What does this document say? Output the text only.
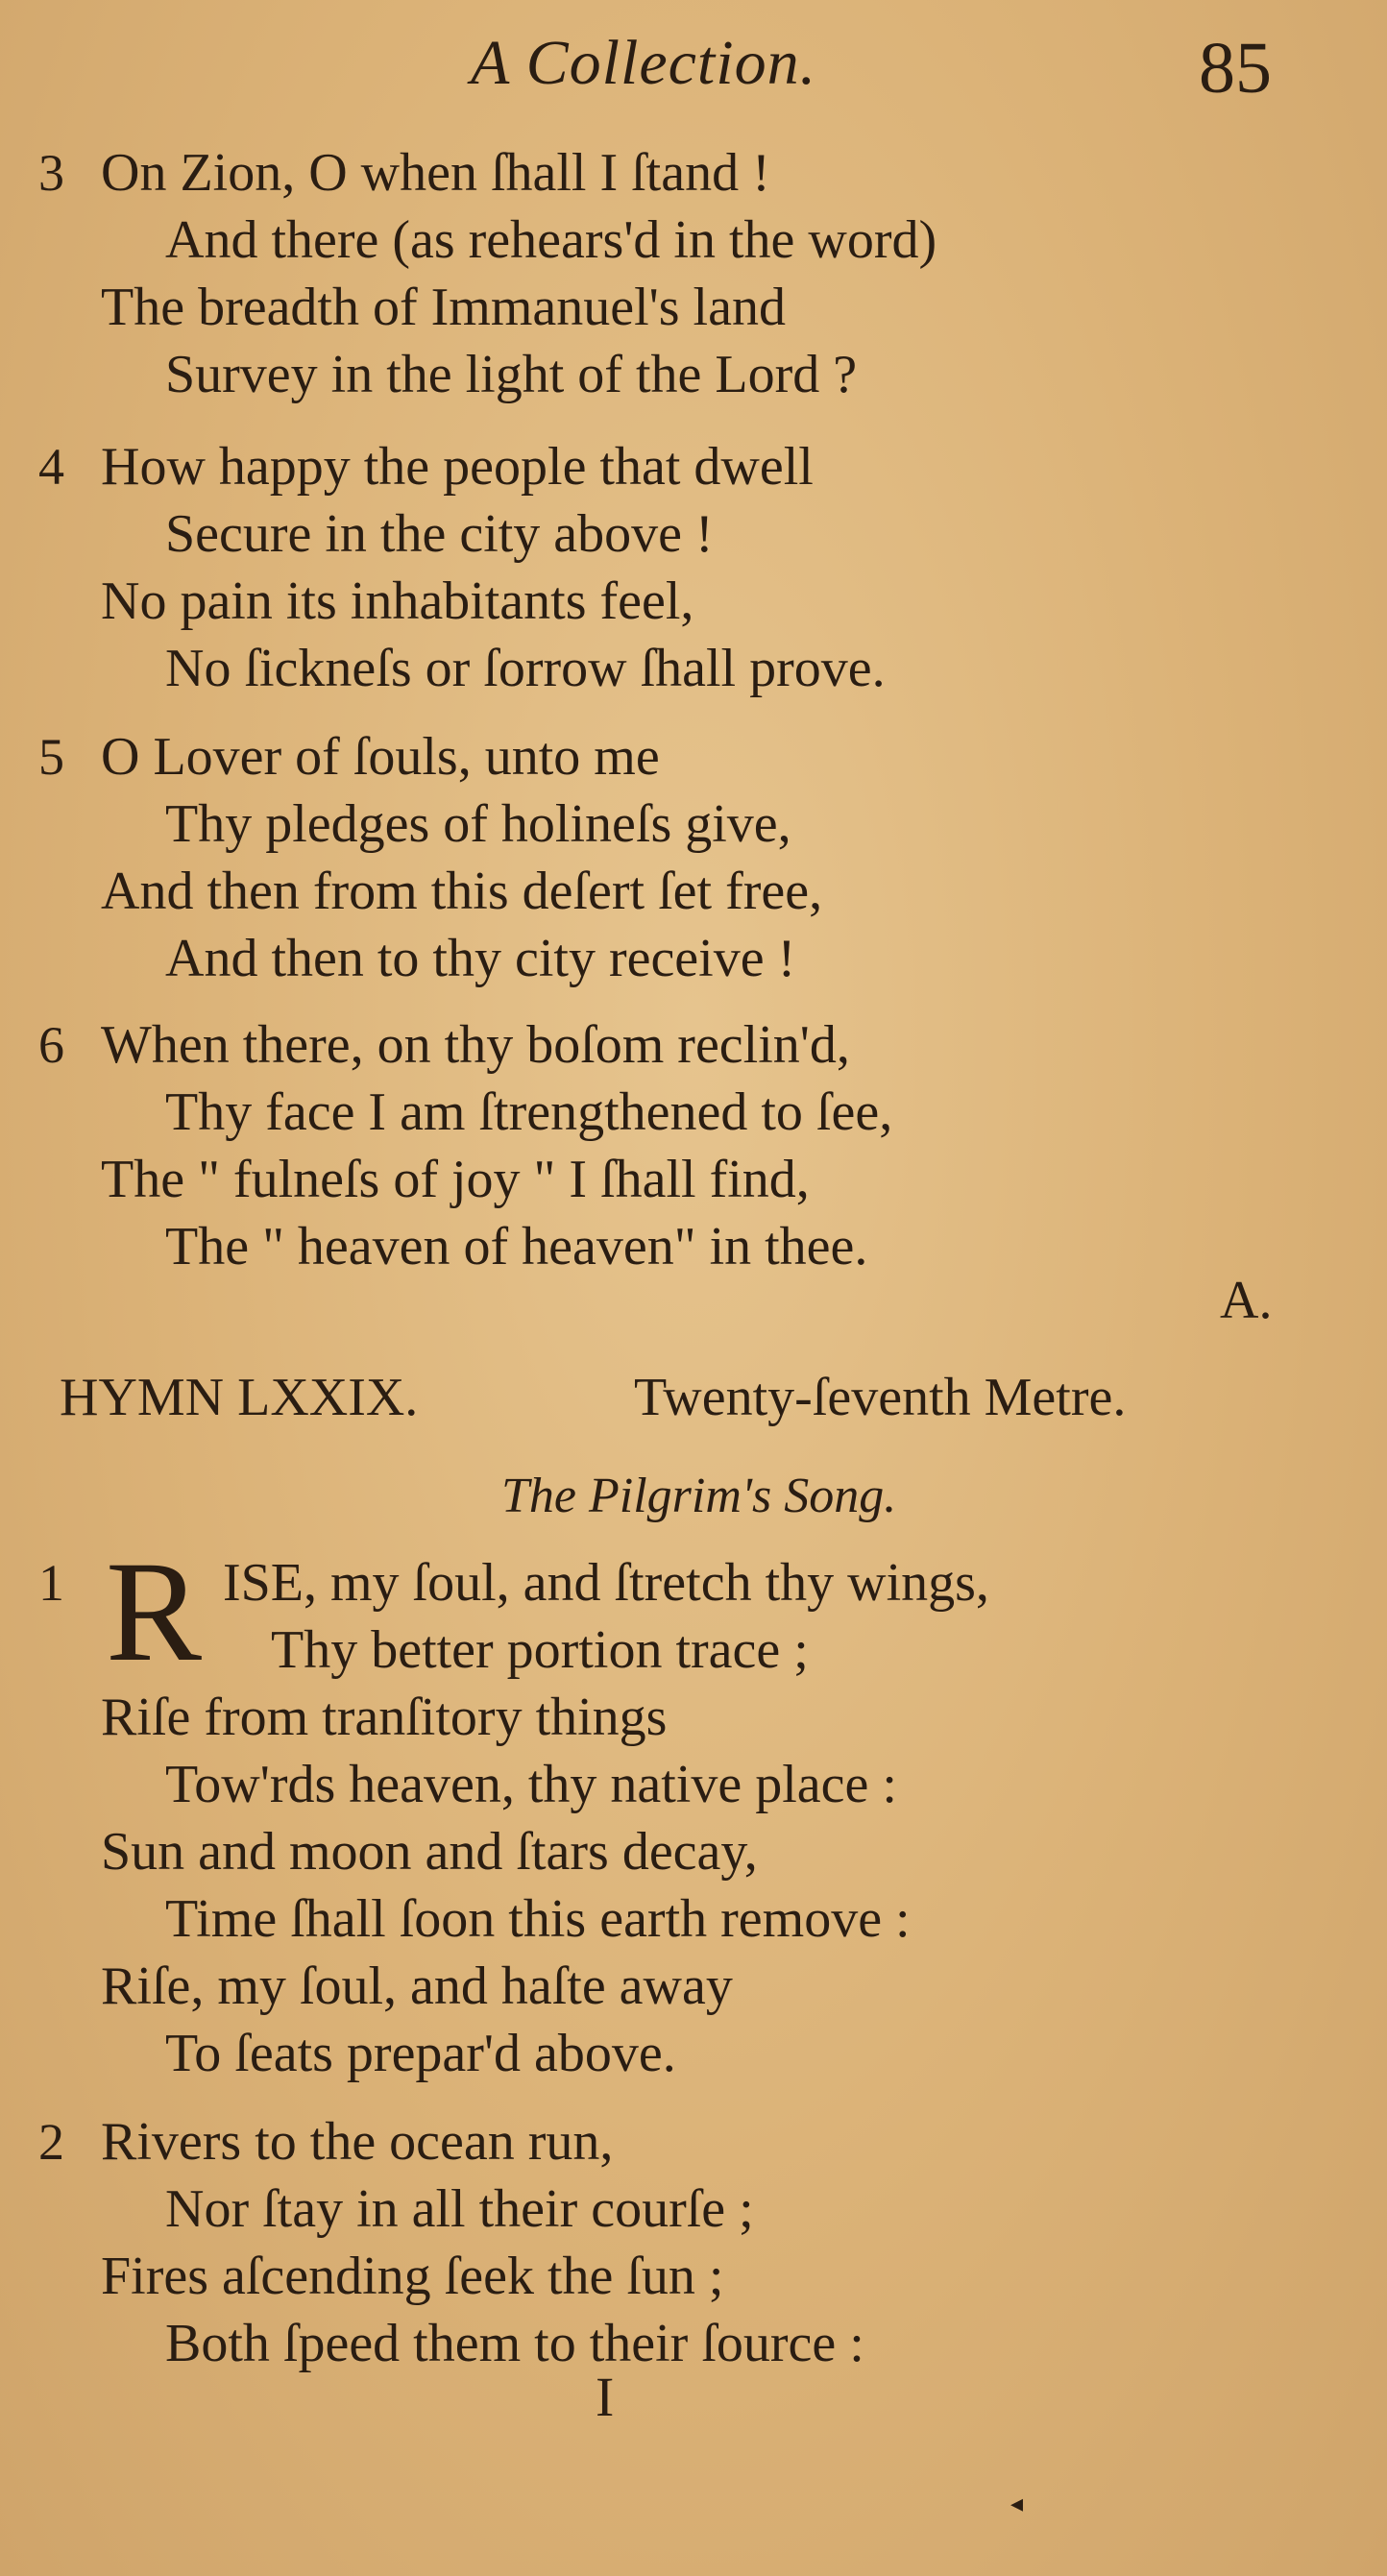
A Collection.	85
3 On Zion, O when ſhall I ſtand !
And there (as rehears'd in the word)
The breadth of Immanuel's land
Survey in the light of the Lord ?
4 How happy the people that dwell
Secure in the city above !
No pain its inhabitants feel,
No ſickneſs or ſorrow ſhall prove.
5 O Lover of ſouls, unto me
Thy pledges of holineſs give,
And then from this deſert ſet free,
And then to thy city receive !
6 When there, on thy boſom reclin'd,
Thy face I am ſtrengthened to ſee,
The " fulneſs of joy " I ſhall find,
The " heaven of heaven" in thee.
A.
HYMN LXXIX.	Twenty-ſeventh Metre.
The Pilgrim's Song.
1 R ISE, my ſoul, and ſtretch thy wings,
Thy better portion trace ;
Riſe from tranſitory things
Tow'rds heaven, thy native place :
Sun and moon and ſtars decay,
Time ſhall ſoon this earth remove :
Riſe, my ſoul, and haſte away
To ſeats prepar'd above.
2 Rivers to the ocean run,
Nor ſtay in all their courſe ;
Fires aſcending ſeek the ſun ;
Both ſpeed them to their ſource :
I
◂
